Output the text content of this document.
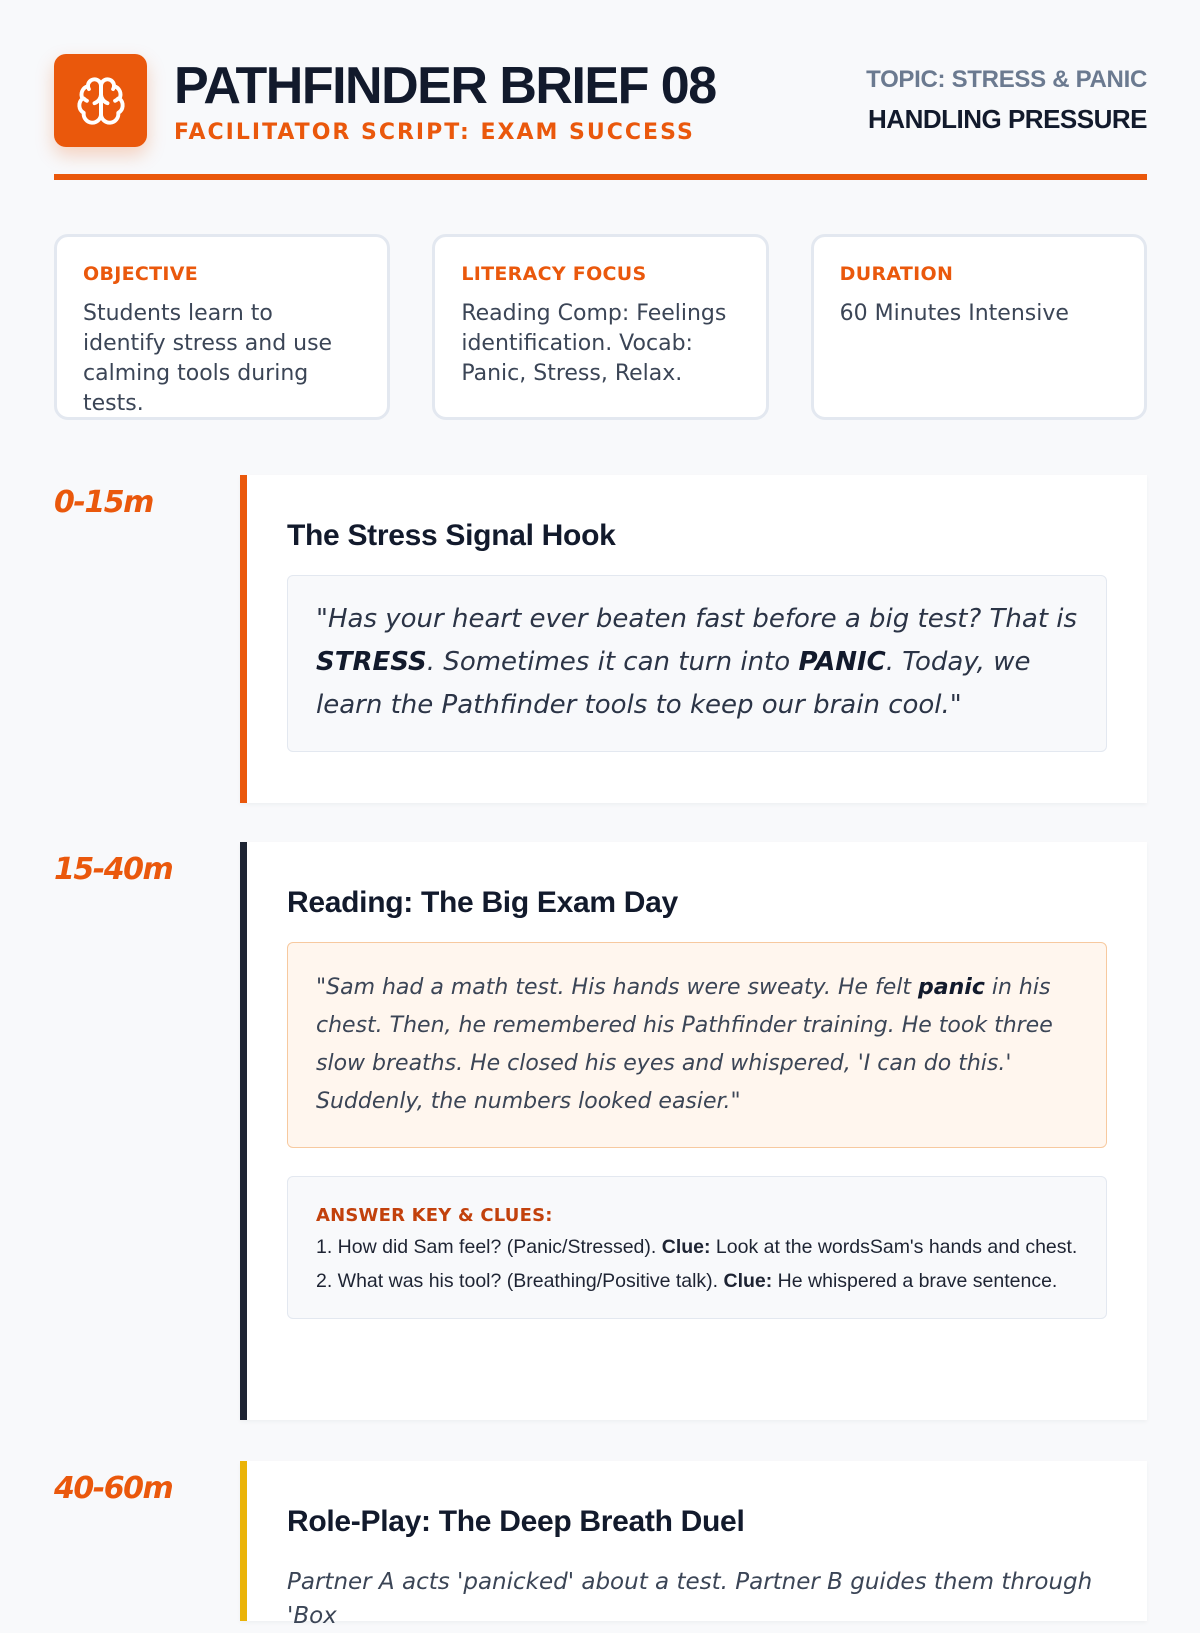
PATHFINDER BRIEF 08
FACILITATOR SCRIPT: EXAM SUCCESS
TOPIC: STRESS & PANIC
HANDLING PRESSURE
OBJECTIVE
Students learn to identify stress and use calming tools during tests.
LITERACY FOCUS
Reading Comp: Feelings identification. Vocab: Panic, Stress, Relax.
DURATION
60 Minutes Intensive
0-15m
The Stress Signal Hook
"Has your heart ever beaten fast before a big test? That is STRESS. Sometimes it can turn into PANIC. Today, we learn the Pathfinder tools to keep our brain cool."
15-40m
Reading: The Big Exam Day
"Sam had a math test. His hands were sweaty. He felt panic in his chest. Then, he remembered his Pathfinder training. He took three slow breaths. He closed his eyes and whispered, 'I can do this.' Suddenly, the numbers looked easier."
ANSWER KEY & CLUES:
1. How did Sam feel? (Panic/Stressed). Clue: Look at the wordsSam's hands and chest.
2. What was his tool? (Breathing/Positive talk). Clue: He whispered a brave sentence.
40-60m
Role-Play: The Deep Breath Duel
Partner A acts 'panicked' about a test. Partner B guides them through 'Box
